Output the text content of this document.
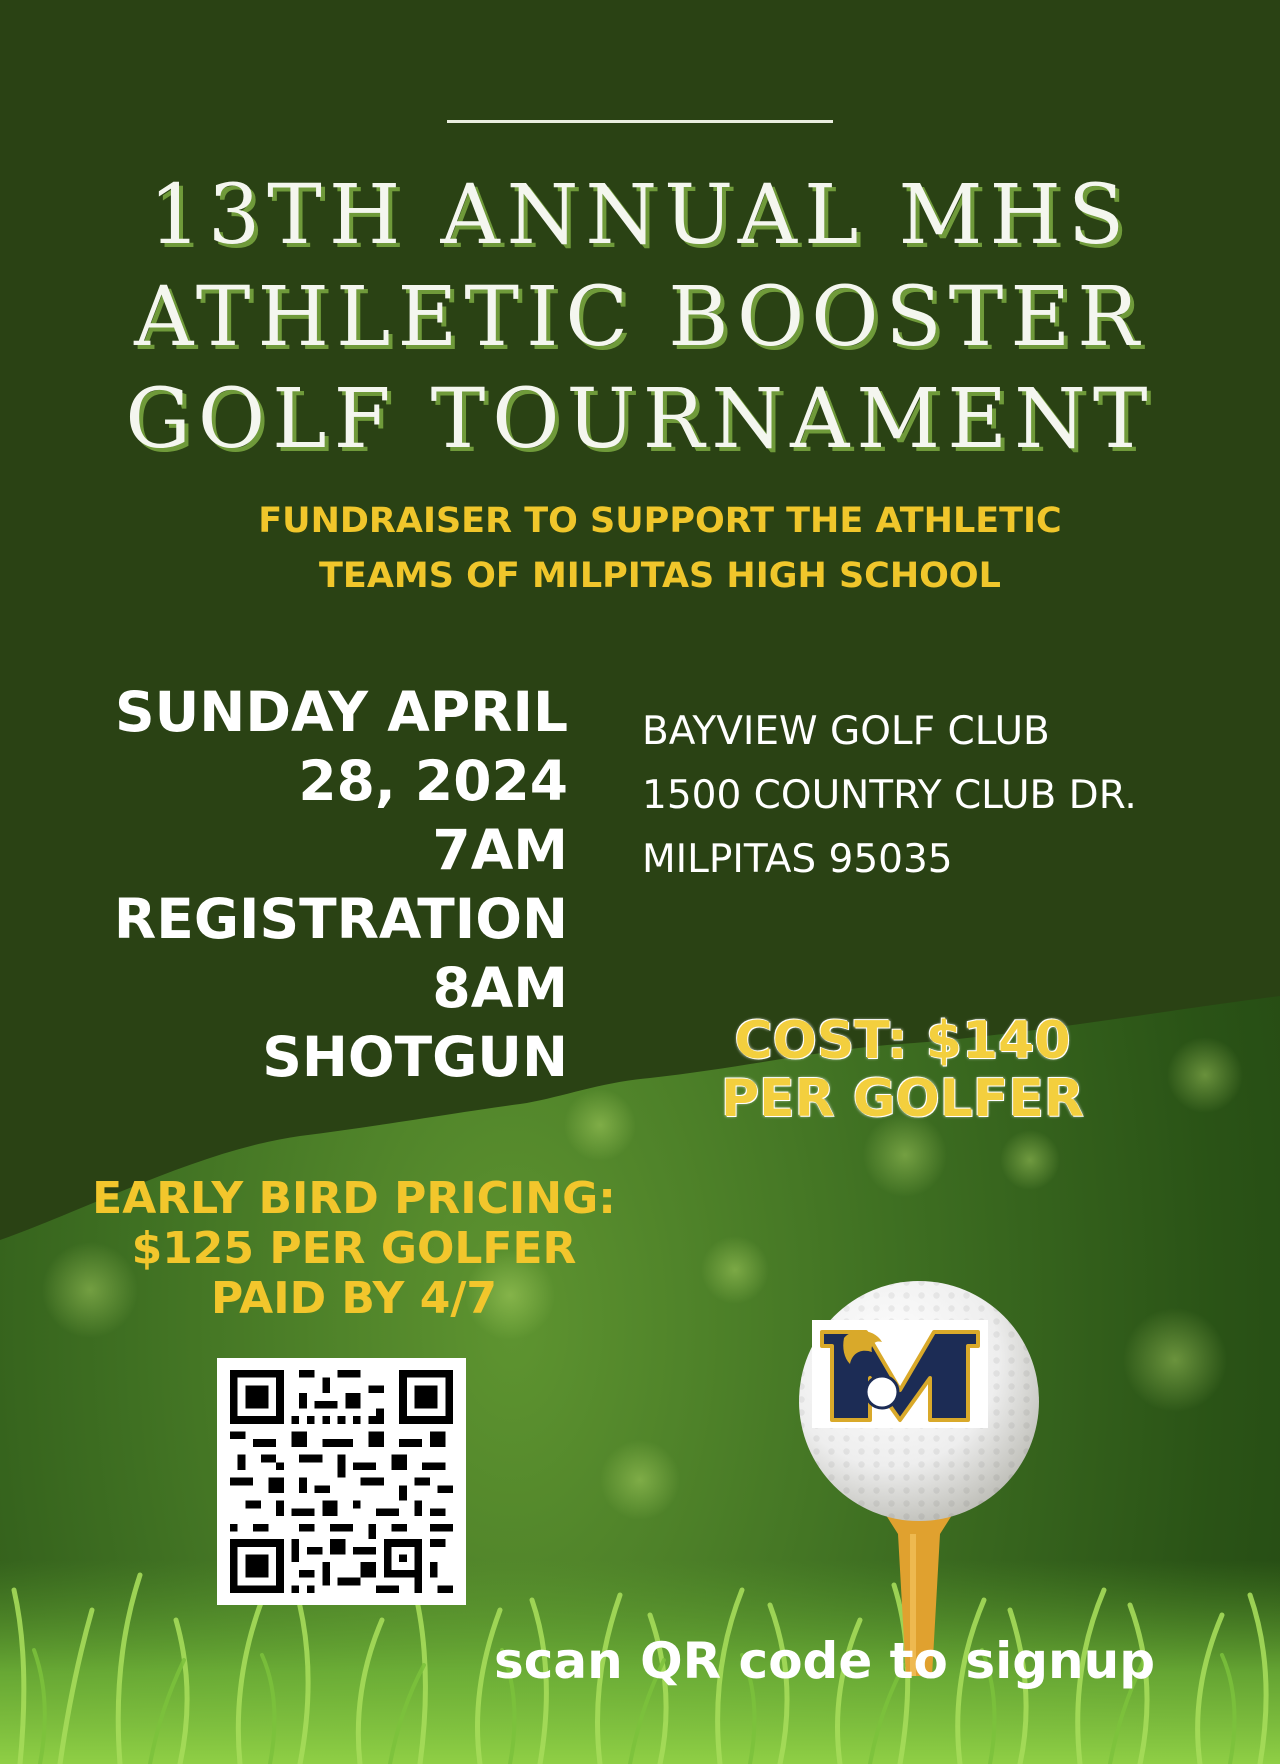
13TH ANNUAL MHS
ATHLETIC BOOSTER
GOLF TOURNAMENT
FUNDRAISER TO SUPPORT THE ATHLETIC
TEAMS OF MILPITAS HIGH SCHOOL
SUNDAY APRIL
28, 2024
7AM
REGISTRATION
8AM
SHOTGUN
BAYVIEW GOLF CLUB
1500 COUNTRY CLUB DR.
MILPITAS 95035
COST: $140
PER GOLFER
EARLY BIRD PRICING:
$125 PER GOLFER
PAID BY 4/7
scan QR code to signup
